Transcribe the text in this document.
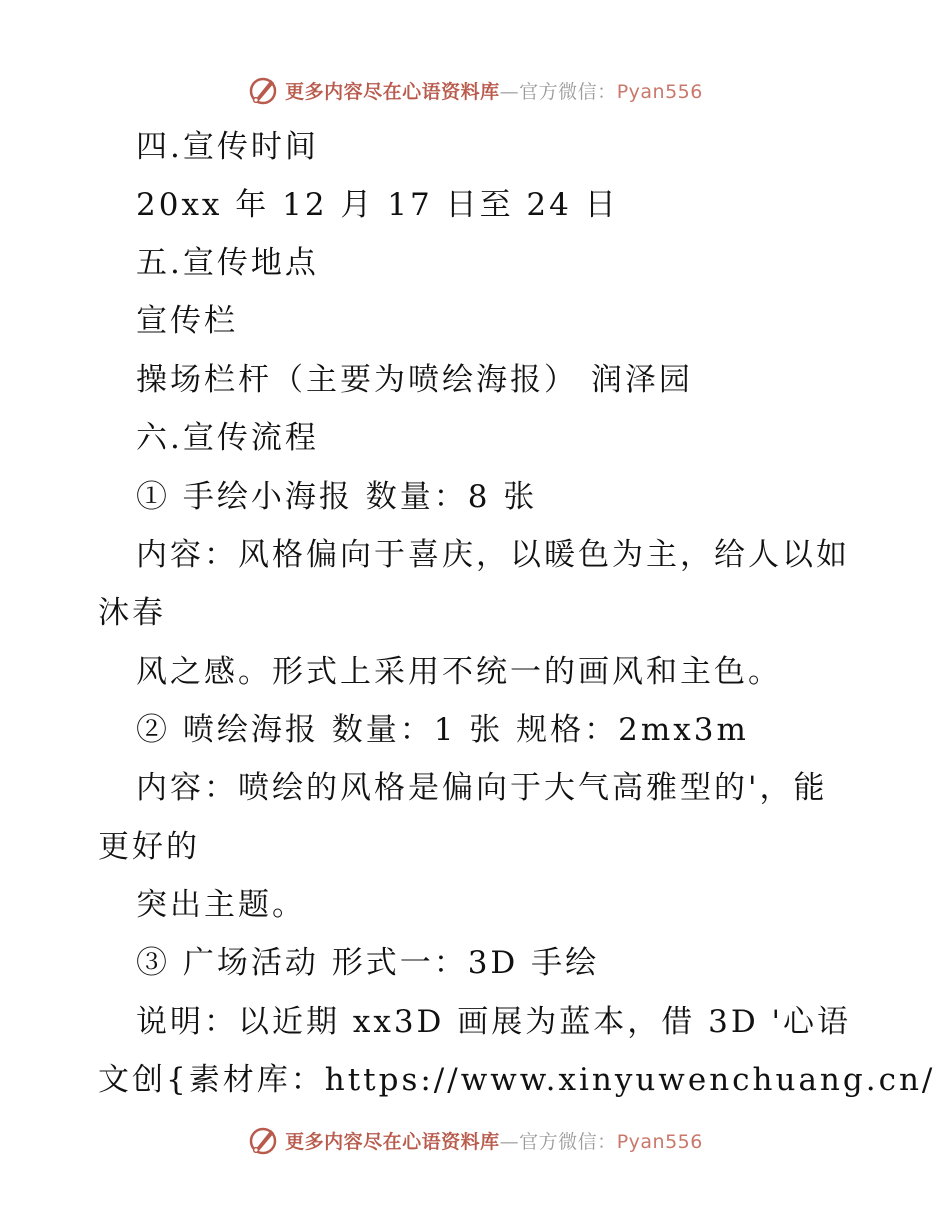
更多内容尽在心语资料库—官方微信：Pyan556
四.宣传时间
20xx 年 12 月 17 日至 24 日
五.宣传地点
宣传栏
操场栏杆（主要为喷绘海报） 润泽园
六.宣传流程
① 手绘小海报 数量：8 张
内容：风格偏向于喜庆，以暖色为主，给人以如
沐春
风之感。形式上采用不统一的画风和主色。
② 喷绘海报 数量：1 张 规格：2mx3m
内容：喷绘的风格是偏向于大气高雅型的'，能
更好的
突出主题。
③ 广场活动 形式一：3D 手绘
说明：以近期 xx3D 画展为蓝本，借 3D '心语
文创{素材库：https://www.xinyuwenchuang.cn/
更多内容尽在心语资料库—官方微信：Pyan556
